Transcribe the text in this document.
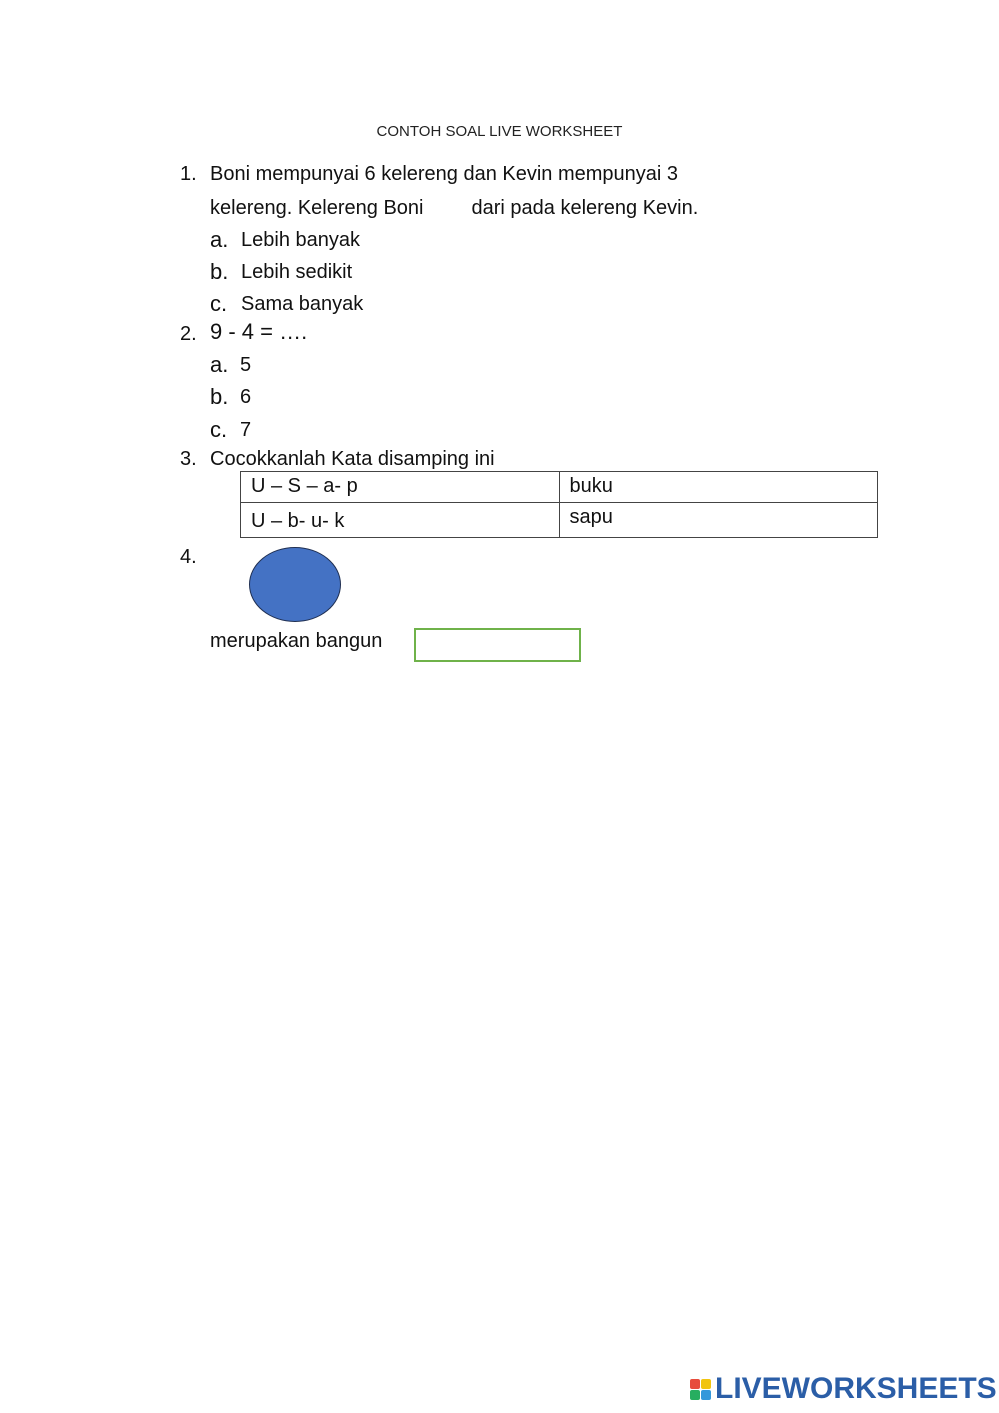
CONTOH SOAL LIVE WORKSHEET
1. Boni mempunyai 6 kelereng dan Kevin mempunyai 3
kelereng. Kelereng Boni dari pada kelereng Kevin.
a. Lebih banyak
b. Lebih sedikit
c. Sama banyak
2. 9 - 4 = ….
a. 5
b. 6
c. 7
3. Cocokkanlah Kata disamping ini
U – S – a- p	buku
U – b- u- k	sapu
4.
merupakan bangun
LIVEWORKSHEETS
